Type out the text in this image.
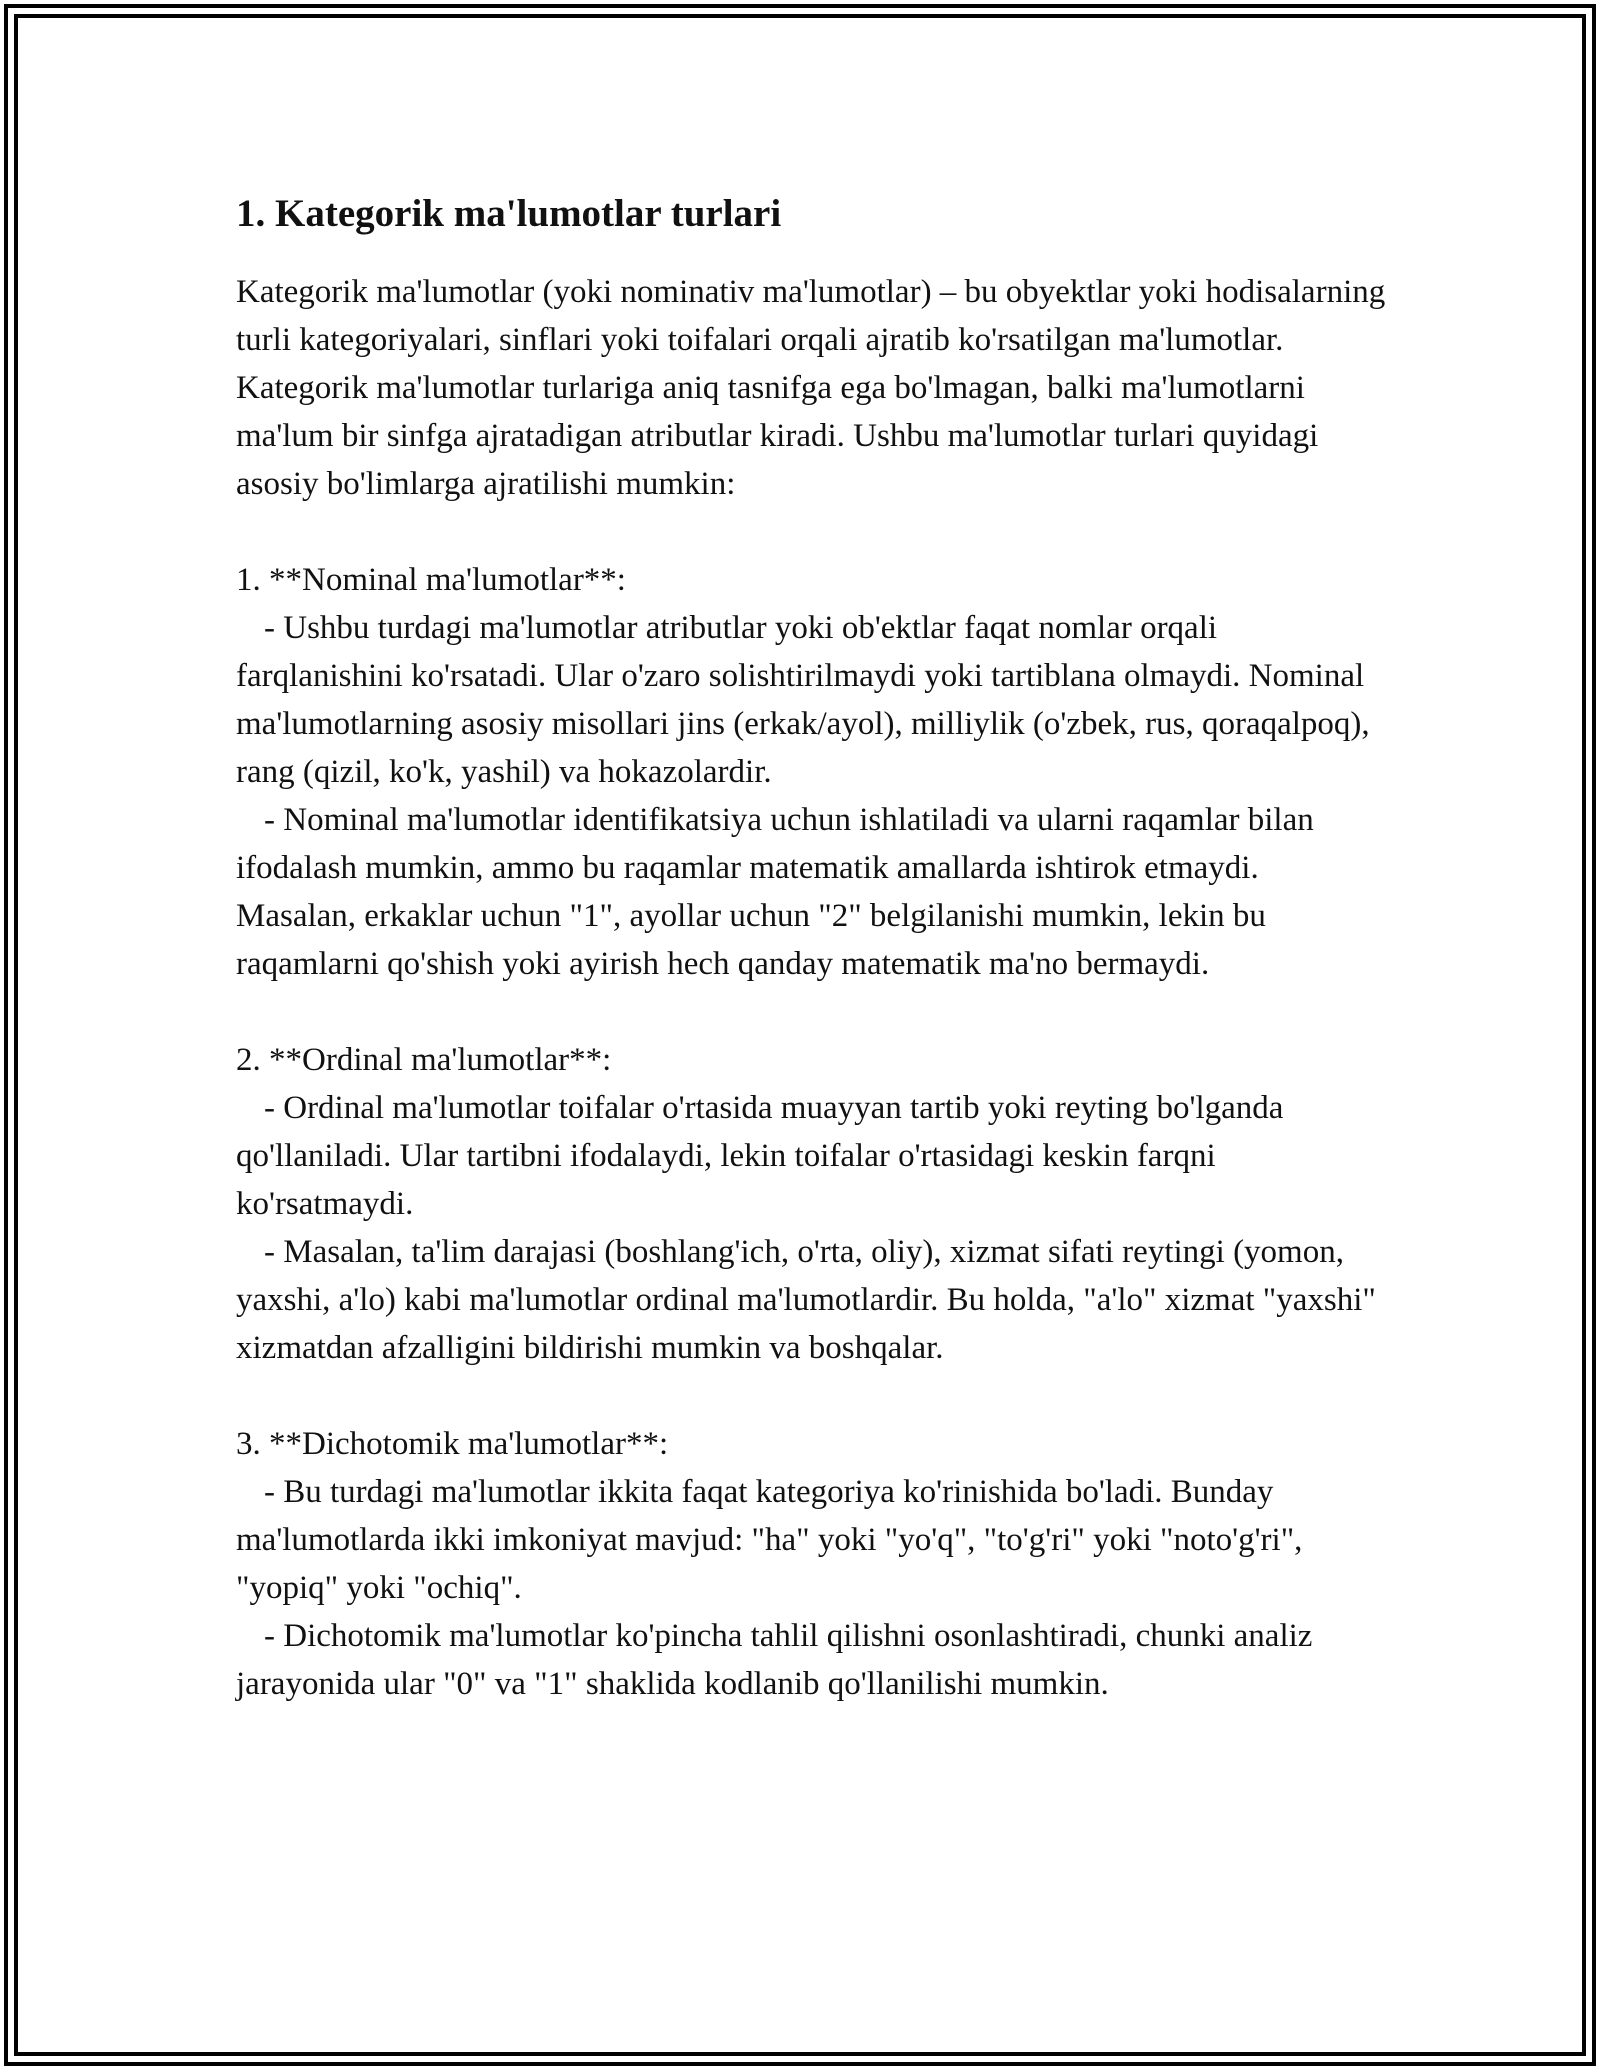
1. Kategorik ma'lumotlar turlari

Kategorik ma'lumotlar (yoki nominativ ma'lumotlar) – bu obyektlar yoki hodisalarning turli kategoriyalari, sinflari yoki toifalari orqali ajratib ko'rsatilgan ma'lumotlar. Kategorik ma'lumotlar turlariga aniq tasnifga ega bo'lmagan, balki ma'lumotlarni ma'lum bir sinfga ajratadigan atributlar kiradi. Ushbu ma'lumotlar turlari quyidagi asosiy bo'limlarga ajratilishi mumkin:

1. **Nominal ma'lumotlar**:

- Ushbu turdagi ma'lumotlar atributlar yoki ob'ektlar faqat nomlar orqali farqlanishini ko'rsatadi. Ular o'zaro solishtirilmaydi yoki tartiblana olmaydi. Nominal ma'lumotlarning asosiy misollari jins (erkak/ayol), milliylik (o'zbek, rus, qoraqalpoq), rang (qizil, ko'k, yashil) va hokazolardir.

- Nominal ma'lumotlar identifikatsiya uchun ishlatiladi va ularni raqamlar bilan ifodalash mumkin, ammo bu raqamlar matematik amallarda ishtirok etmaydi. Masalan, erkaklar uchun "1", ayollar uchun "2" belgilanishi mumkin, lekin bu raqamlarni qo'shish yoki ayirish hech qanday matematik ma'no bermaydi.

2. **Ordinal ma'lumotlar**:

- Ordinal ma'lumotlar toifalar o'rtasida muayyan tartib yoki reyting bo'lganda qo'llaniladi. Ular tartibni ifodalaydi, lekin toifalar o'rtasidagi keskin farqni ko'rsatmaydi.

- Masalan, ta'lim darajasi (boshlang'ich, o'rta, oliy), xizmat sifati reytingi (yomon, yaxshi, a'lo) kabi ma'lumotlar ordinal ma'lumotlardir. Bu holda, "a'lo" xizmat "yaxshi" xizmatdan afzalligini bildirishi mumkin va boshqalar.

3. **Dichotomik ma'lumotlar**:

- Bu turdagi ma'lumotlar ikkita faqat kategoriya ko'rinishida bo'ladi. Bunday ma'lumotlarda ikki imkoniyat mavjud: "ha" yoki "yo'q", "to'g'ri" yoki "noto'g'ri", "yopiq" yoki "ochiq".

- Dichotomik ma'lumotlar ko'pincha tahlil qilishni osonlashtiradi, chunki analiz jarayonida ular "0" va "1" shaklida kodlanib qo'llanilishi mumkin.
